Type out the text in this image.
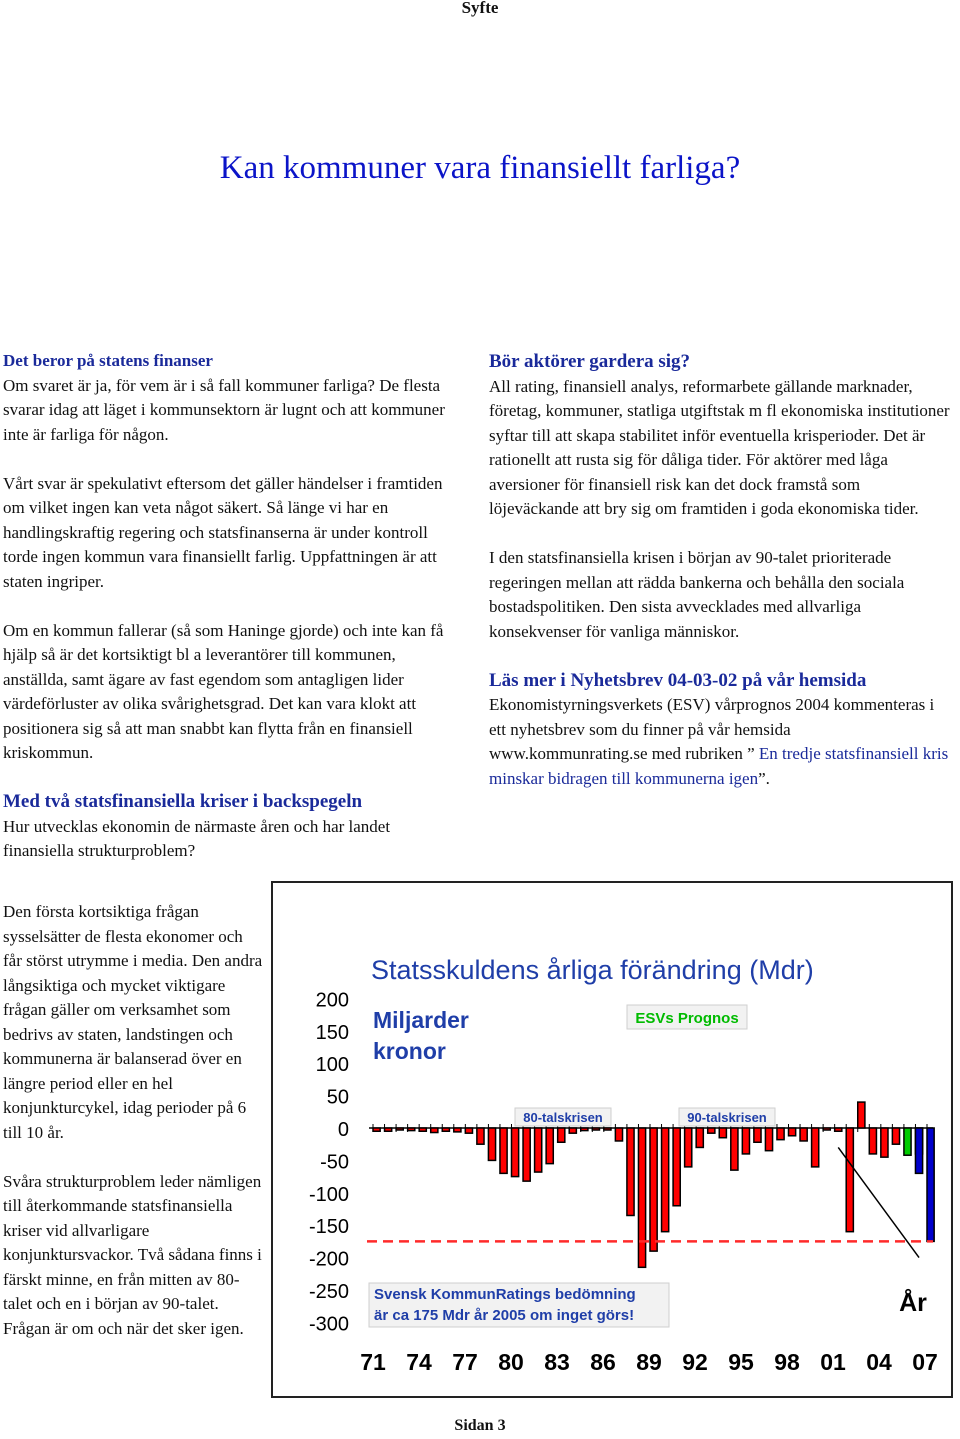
Syfte
Kan kommuner vara finansiellt farliga?

Det beror på statens finanser

Om svaret är ja, för vem är i så fall kommuner farliga? De flesta svarar idag att läget i kommunsektorn är lugnt och att kommuner inte är farliga för någon.

Vårt svar är spekulativt eftersom det gäller händelser i framtiden om vilket ingen kan veta något säkert. Så länge vi har en handlingskraftig regering och statsfinanserna är under kontroll torde ingen kommun vara finansiellt farlig. Uppfattningen är att staten ingriper.

Om en kommun fallerar (så som Haninge gjorde) och inte kan få hjälp så är det kortsiktigt bl a leverantörer till kommunen, anställda, samt ägare av fast egendom som antagligen lider värdeförluster av olika svårighetsgrad. Det kan vara klokt att positionera sig så att man snabbt kan flytta från en finansiell kriskommun.

Med två statsfinansiella kriser i backspegeln

Hur utvecklas ekonomin de närmaste åren och har landet finansiella strukturproblem?

Bör aktörer gardera sig?

All rating, finansiell analys, reformarbete gällande marknader, företag, kommuner, statliga utgiftstak m fl ekonomiska institutioner syftar till att skapa stabilitet inför eventuella krisperioder. Det är rationellt att rusta sig för dåliga tider. För aktörer med låga aversioner för finansiell risk kan det dock framstå som löjeväckande att bry sig om framtiden i goda ekonomiska tider.

I den statsfinansiella krisen i början av 90-talet prioriterade regeringen mellan att rädda bankerna och behålla den sociala bostadspolitiken. Den sista avvecklades med allvarliga konsekvenser för vanliga människor.

Läs mer i Nyhetsbrev 04-03-02 på vår hemsida

Ekonomistyrningsverkets (ESV) vårprognos 2004 kommenteras i ett nyhetsbrev som du finner på vår hemsida www.kommunrating.se med rubriken ” En tredje statsfinansiell kris minskar bidragen till kommunerna igen”.

Den första kortsiktiga frågan sysselsätter de flesta ekonomer och får störst utrymme i media. Den andra långsiktiga och mycket viktigare frågan gäller om verksamhet som bedrivs av staten, landstingen och kommunerna är balanserad över en längre period eller en hel konjunkturcykel, idag perioder på 6 till 10 år.

Svåra strukturproblem leder nämligen till återkommande statsfinansiella kriser vid allvarligare konjunktursvackor. Två sådana finns i färskt minne, en från mitten av 80-talet och en i början av 90-talet. Frågan är om och när det sker igen.

200
150
100
50
0
-50
-100
-150
-200
-250
-300
Statsskuldens årliga förändring (Mdr)
Miljarder
kronor
ESVs Prognos
80-talskrisen	90-talskrisen
Svensk KommunRatings bedömning
är ca 175 Mdr år 2005 om inget görs!	År
71 74 77 80 83 86 89 92 95 98 01 04 07
Sidan 3
